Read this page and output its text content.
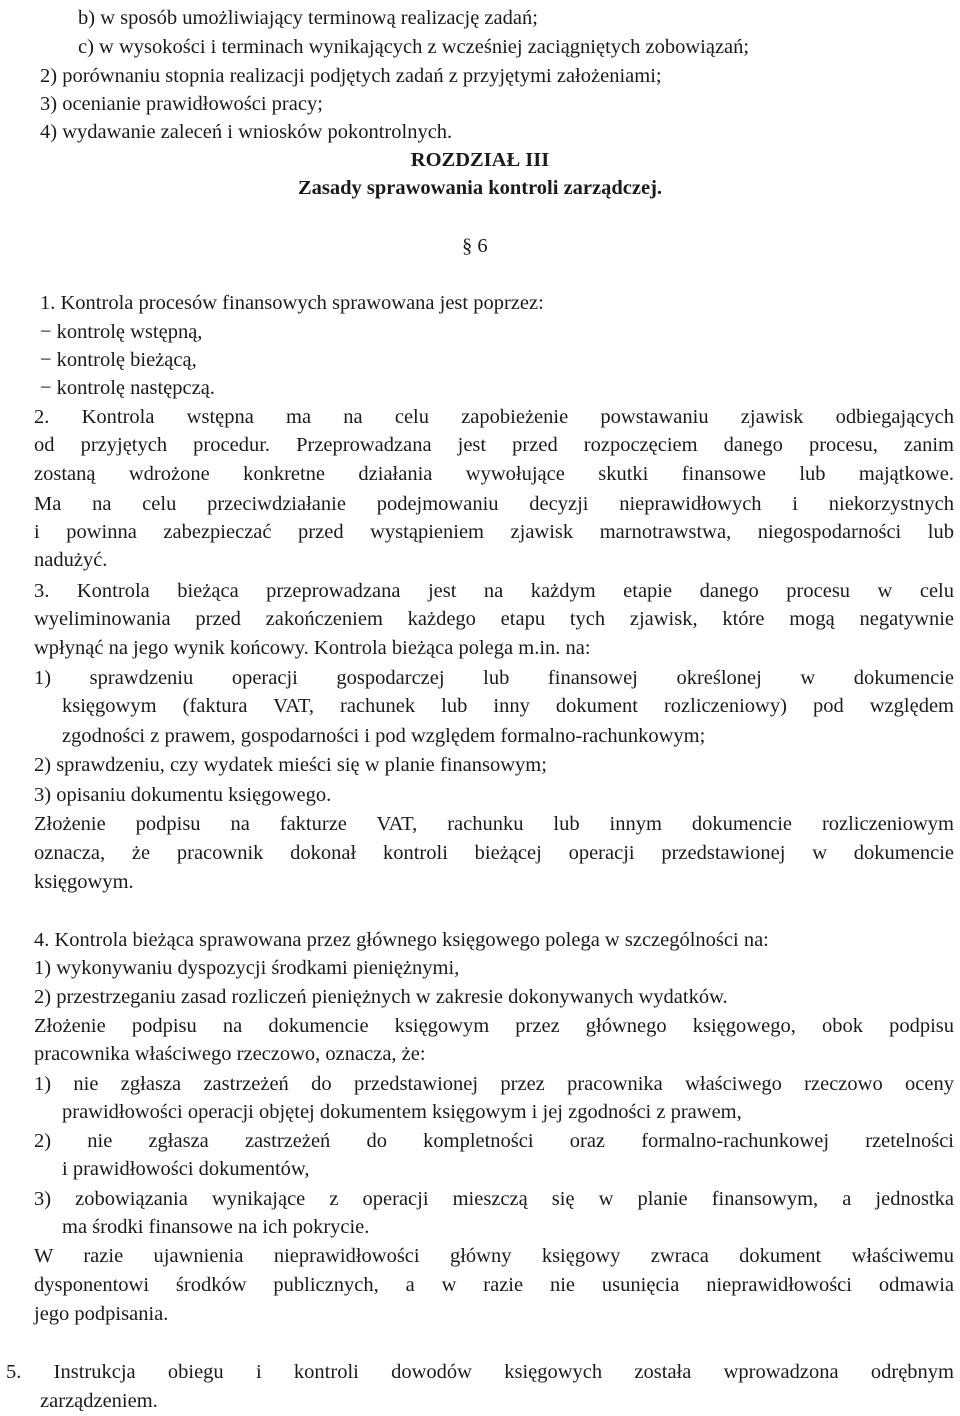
b) w sposób umożliwiający terminową realizację zadań;
c) w wysokości i terminach wynikających z wcześniej zaciągniętych zobowiązań;
2) porównaniu stopnia realizacji podjętych zadań z przyjętymi założeniami;
3) ocenianie prawidłowości pracy;
4) wydawanie zaleceń i wniosków pokontrolnych.
ROZDZIAŁ III
Zasady sprawowania kontroli zarządczej.
§ 6
1. Kontrola procesów finansowych sprawowana jest poprzez:
− kontrolę wstępną,
− kontrolę bieżącą,
− kontrolę następczą.
2. Kontrola wstępna ma na celu zapobieżenie powstawaniu zjawisk odbiegających
od przyjętych procedur. Przeprowadzana jest przed rozpoczęciem danego procesu, zanim
zostaną wdrożone konkretne działania wywołujące skutki finansowe lub majątkowe.
Ma na celu przeciwdziałanie podejmowaniu decyzji nieprawidłowych i niekorzystnych
i powinna zabezpieczać przed wystąpieniem zjawisk marnotrawstwa, niegospodarności lub
nadużyć.
3. Kontrola bieżąca przeprowadzana jest na każdym etapie danego procesu w celu
wyeliminowania przed zakończeniem każdego etapu tych zjawisk, które mogą negatywnie
wpłynąć na jego wynik końcowy. Kontrola bieżąca polega m.in. na:
1) sprawdzeniu operacji gospodarczej lub finansowej określonej w dokumencie
księgowym (faktura VAT, rachunek lub inny dokument rozliczeniowy) pod względem
zgodności z prawem, gospodarności i pod względem formalno-rachunkowym;
2) sprawdzeniu, czy wydatek mieści się w planie finansowym;
3) opisaniu dokumentu księgowego.
Złożenie podpisu na fakturze VAT, rachunku lub innym dokumencie rozliczeniowym
oznacza, że pracownik dokonał kontroli bieżącej operacji przedstawionej w dokumencie
księgowym.
4. Kontrola bieżąca sprawowana przez głównego księgowego polega w szczególności na:
1) wykonywaniu dyspozycji środkami pieniężnymi,
2) przestrzeganiu zasad rozliczeń pieniężnych w zakresie dokonywanych wydatków.
Złożenie podpisu na dokumencie księgowym przez głównego księgowego, obok podpisu
pracownika właściwego rzeczowo, oznacza, że:
1) nie zgłasza zastrzeżeń do przedstawionej przez pracownika właściwego rzeczowo oceny
prawidłowości operacji objętej dokumentem księgowym i jej zgodności z prawem,
2) nie zgłasza zastrzeżeń do kompletności oraz formalno-rachunkowej rzetelności
i prawidłowości dokumentów,
3) zobowiązania wynikające z operacji mieszczą się w planie finansowym, a jednostka
ma środki finansowe na ich pokrycie.
W razie ujawnienia nieprawidłowości główny księgowy zwraca dokument właściwemu
dysponentowi środków publicznych, a w razie nie usunięcia nieprawidłowości odmawia
jego podpisania.
5. Instrukcja obiegu i kontroli dowodów księgowych została wprowadzona odrębnym
zarządzeniem.
